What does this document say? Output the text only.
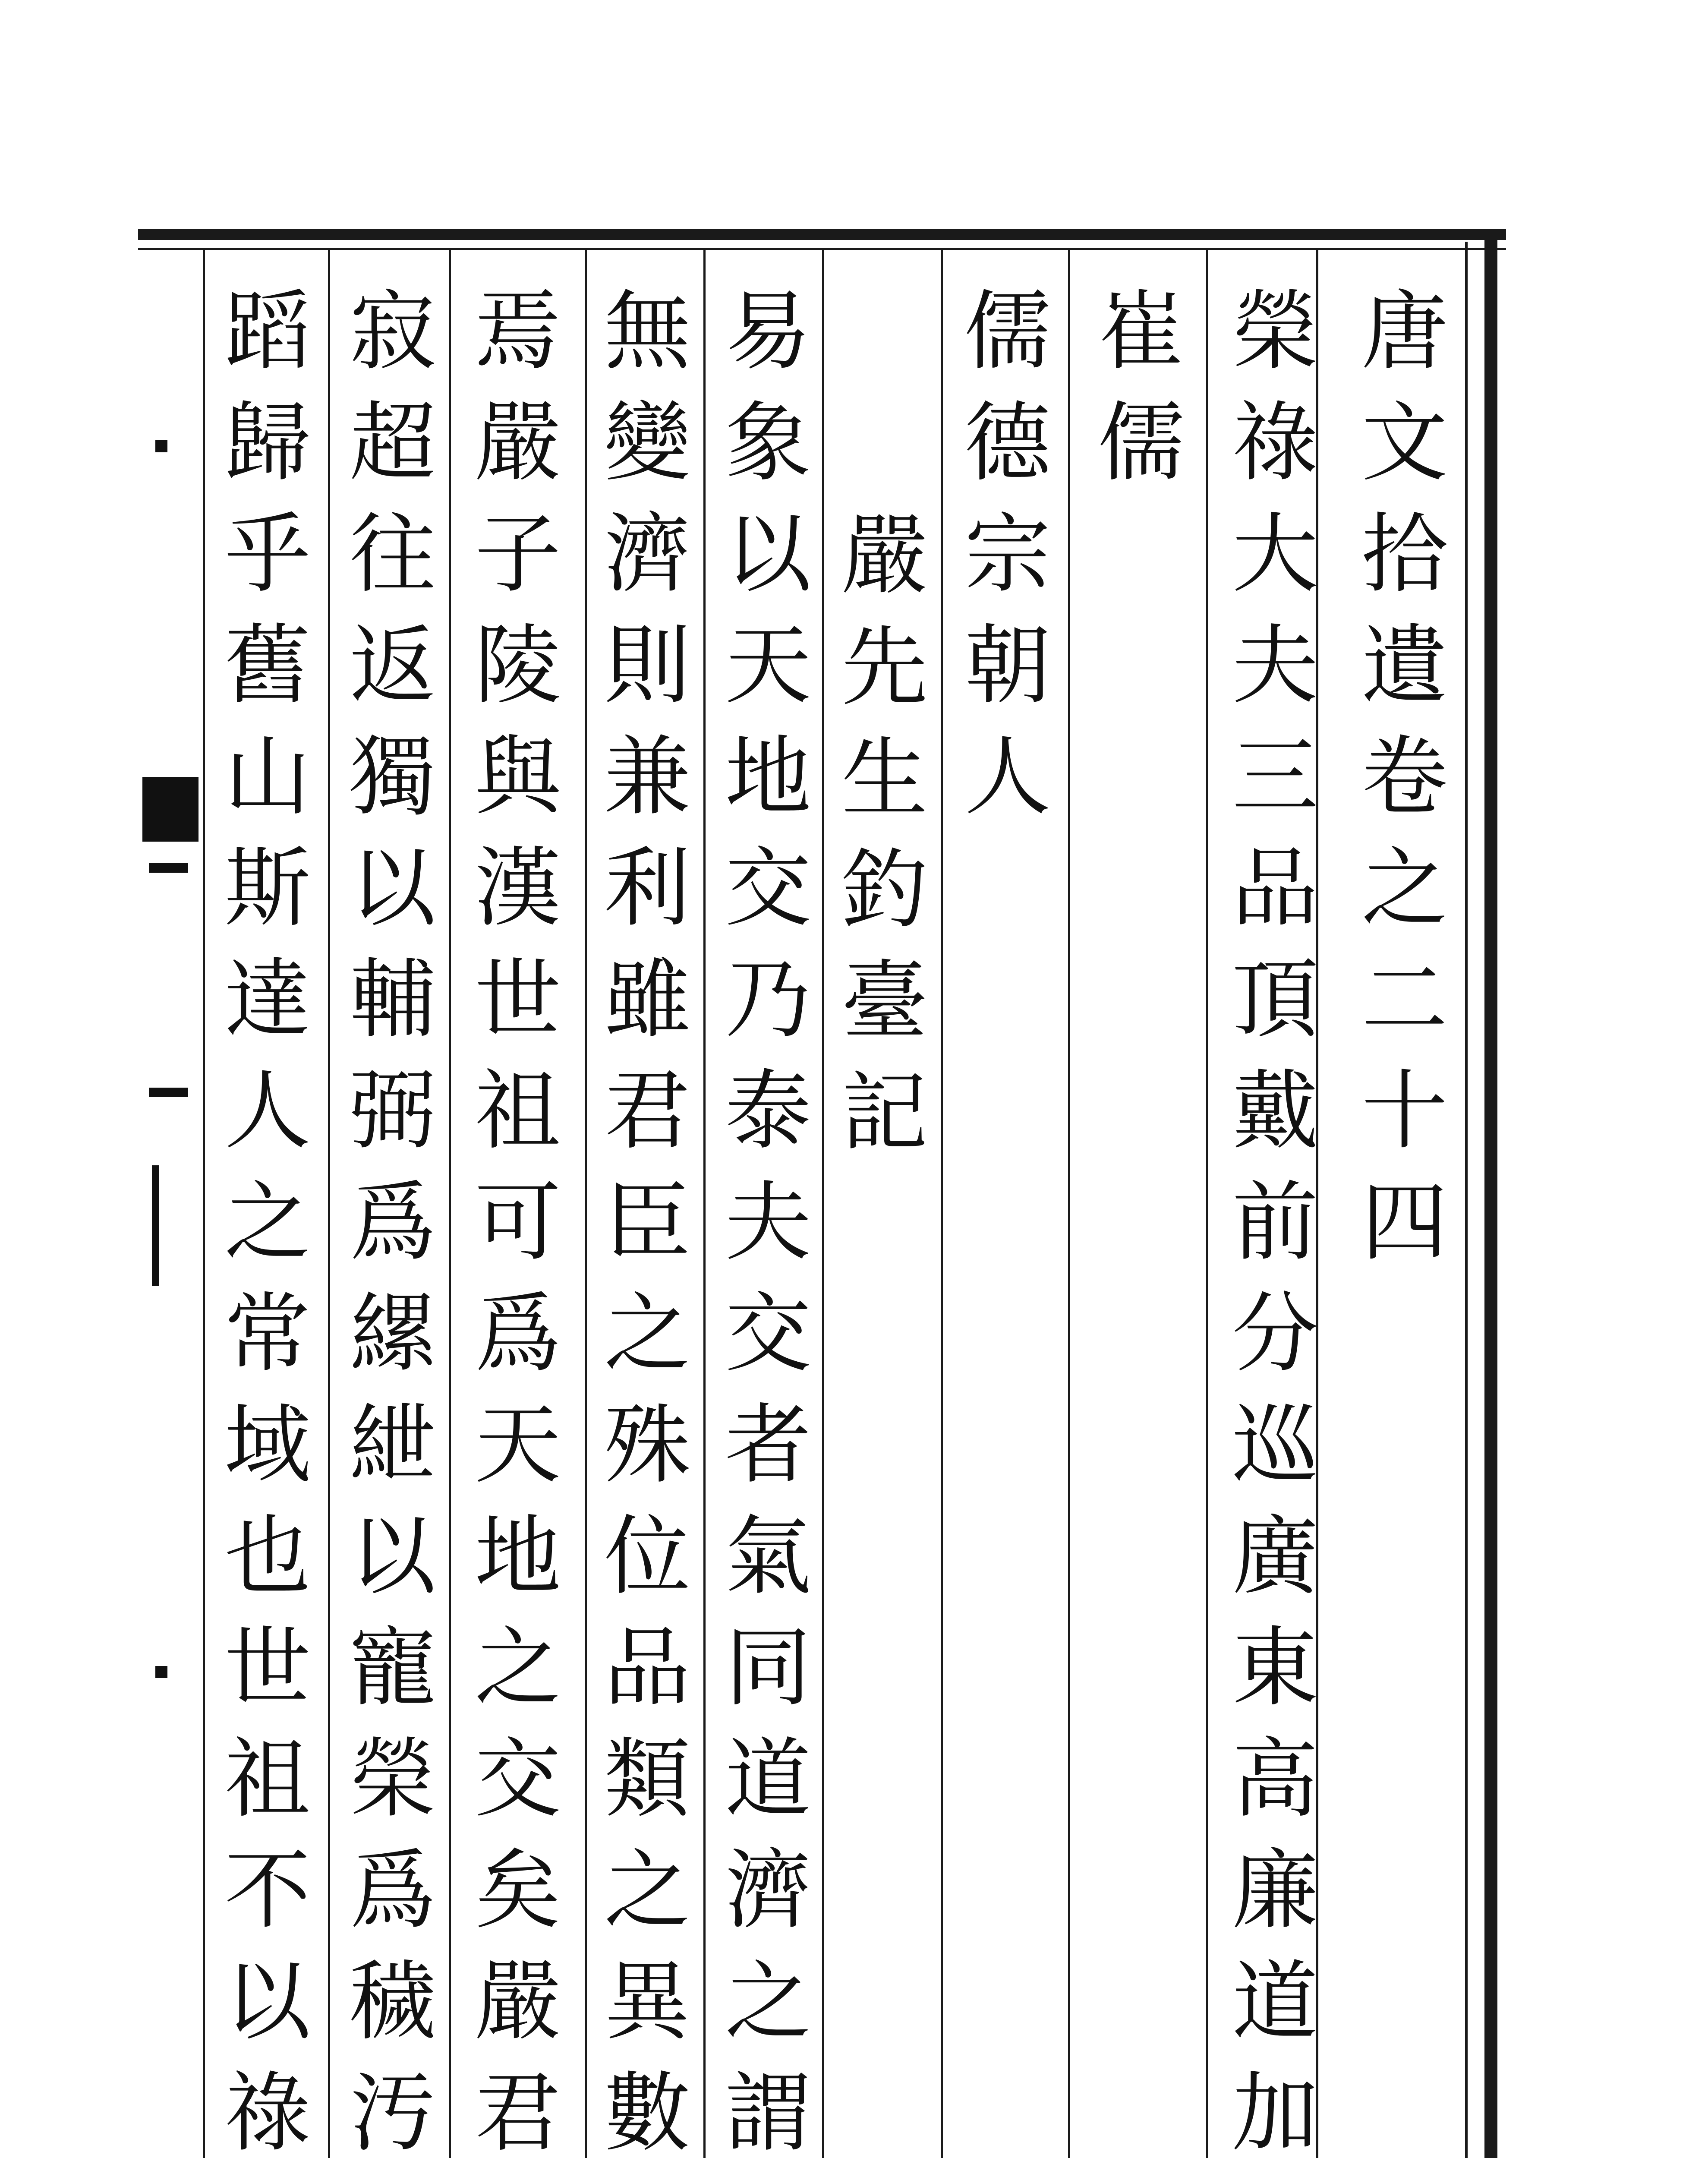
唐
文
拾
遺
卷
之
二
十
四
榮
祿
大
夫
三
品
頂
戴
前
分
巡
廣
東
高
廉
道
加
崔
儒
儒
德
宗
朝
人
嚴
先
生
釣
臺
記
易
象
以
天
地
交
乃
泰
夫
交
者
氣
同
道
濟
之
謂
無
變
濟
則
兼
利
雖
君
臣
之
殊
位
品
類
之
異
數
焉
嚴
子
陵
與
漢
世
祖
可
爲
天
地
之
交
矣
嚴
君
寂
超
往
返
獨
以
輔
弼
爲
縲
紲
以
寵
榮
爲
穢
汚
蹈
歸
乎
舊
山
斯
達
人
之
常
域
也
世
祖
不
以
祿
